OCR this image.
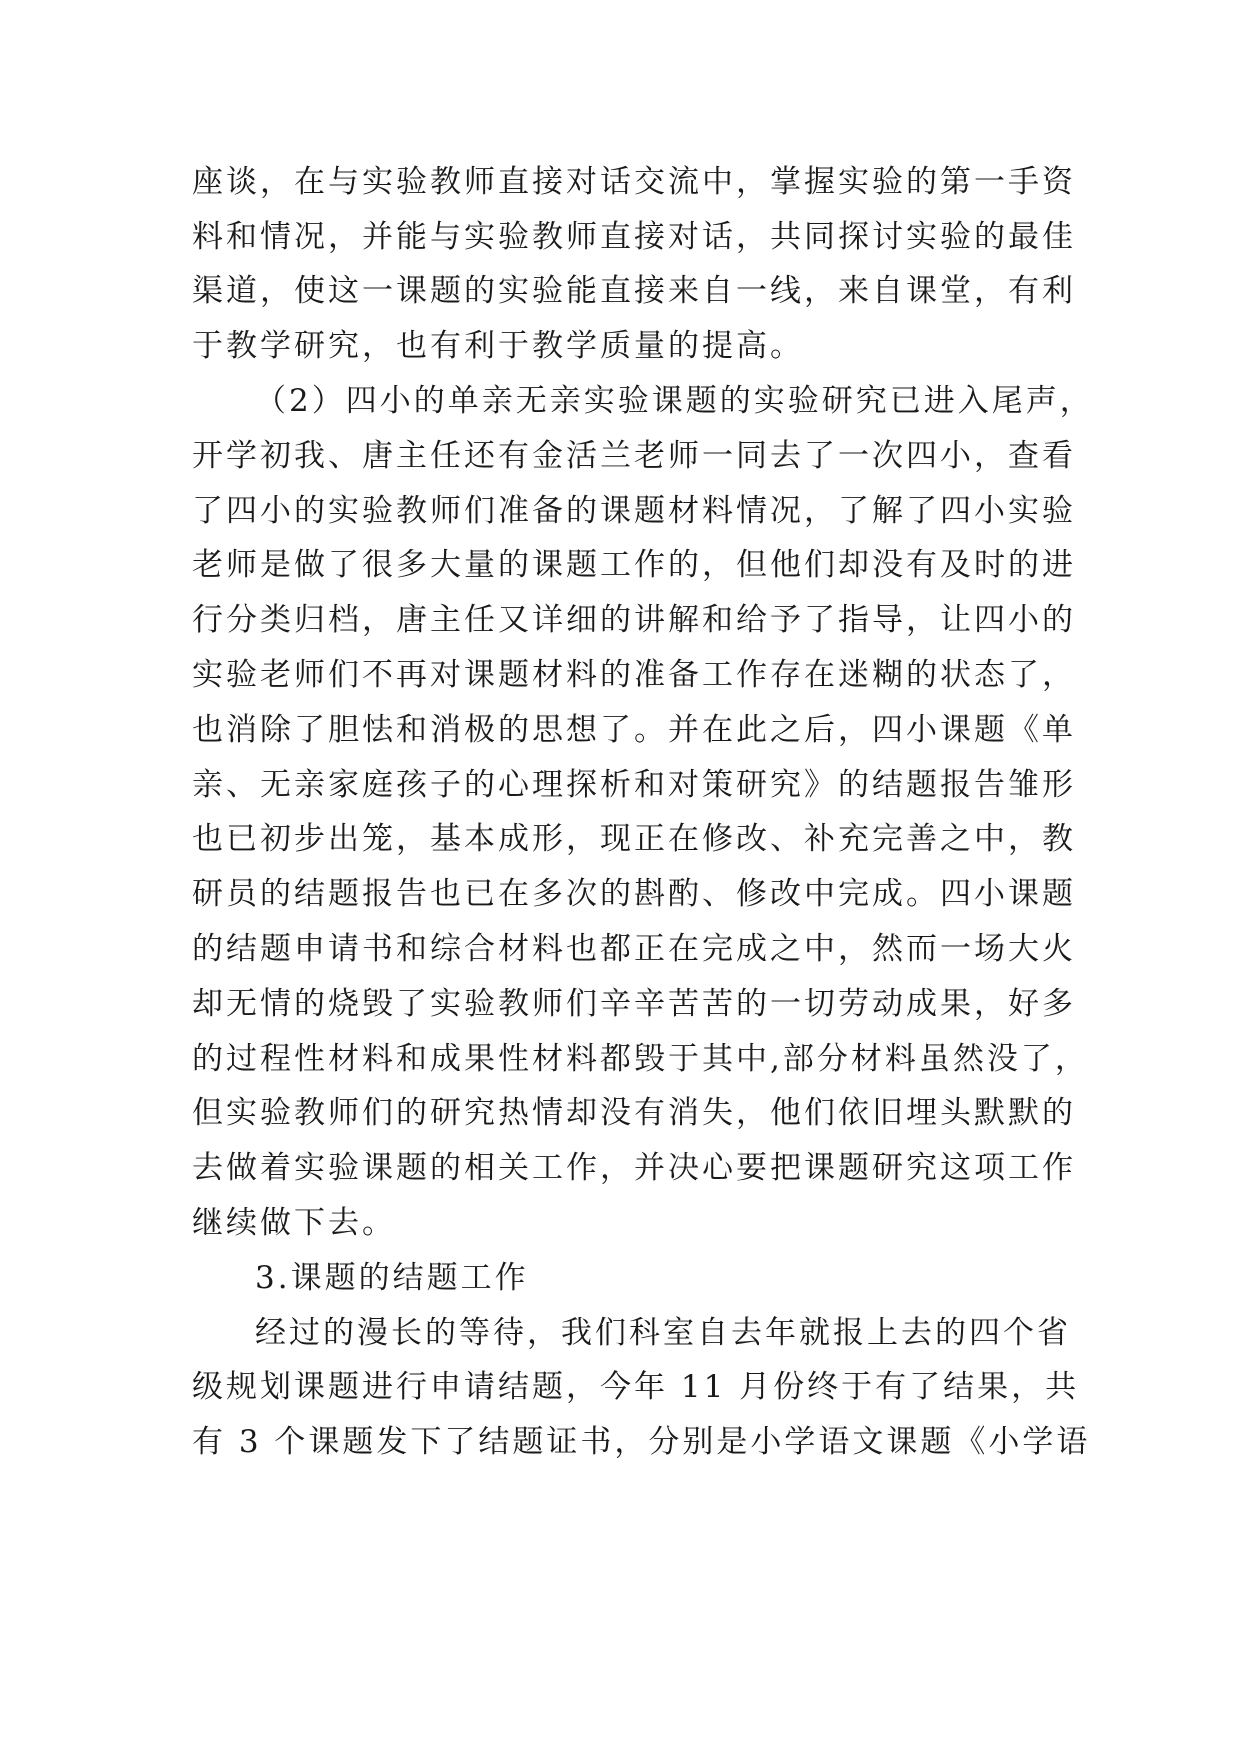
座谈，在与实验教师直接对话交流中，掌握实验的第一手资
料和情况，并能与实验教师直接对话，共同探讨实验的最佳
渠道，使这一课题的实验能直接来自一线，来自课堂，有利
于教学研究，也有利于教学质量的提高。
（2）四小的单亲无亲实验课题的实验研究已进入尾声，
开学初我、唐主任还有金活兰老师一同去了一次四小，查看
了四小的实验教师们准备的课题材料情况，了解了四小实验
老师是做了很多大量的课题工作的，但他们却没有及时的进
行分类归档，唐主任又详细的讲解和给予了指导，让四小的
实验老师们不再对课题材料的准备工作存在迷糊的状态了，
也消除了胆怯和消极的思想了。并在此之后，四小课题《单
亲、无亲家庭孩子的心理探析和对策研究》的结题报告雏形
也已初步出笼，基本成形，现正在修改、补充完善之中，教
研员的结题报告也已在多次的斟酌、修改中完成。四小课题
的结题申请书和综合材料也都正在完成之中，然而一场大火
却无情的烧毁了实验教师们辛辛苦苦的一切劳动成果，好多
的过程性材料和成果性材料都毁于其中,部分材料虽然没了，
但实验教师们的研究热情却没有消失，他们依旧埋头默默的
去做着实验课题的相关工作，并决心要把课题研究这项工作
继续做下去。
3.课题的结题工作
经过的漫长的等待，我们科室自去年就报上去的四个省
级规划课题进行申请结题，今年 11 月份终于有了结果，共
有 3 个课题发下了结题证书，分别是小学语文课题《小学语
